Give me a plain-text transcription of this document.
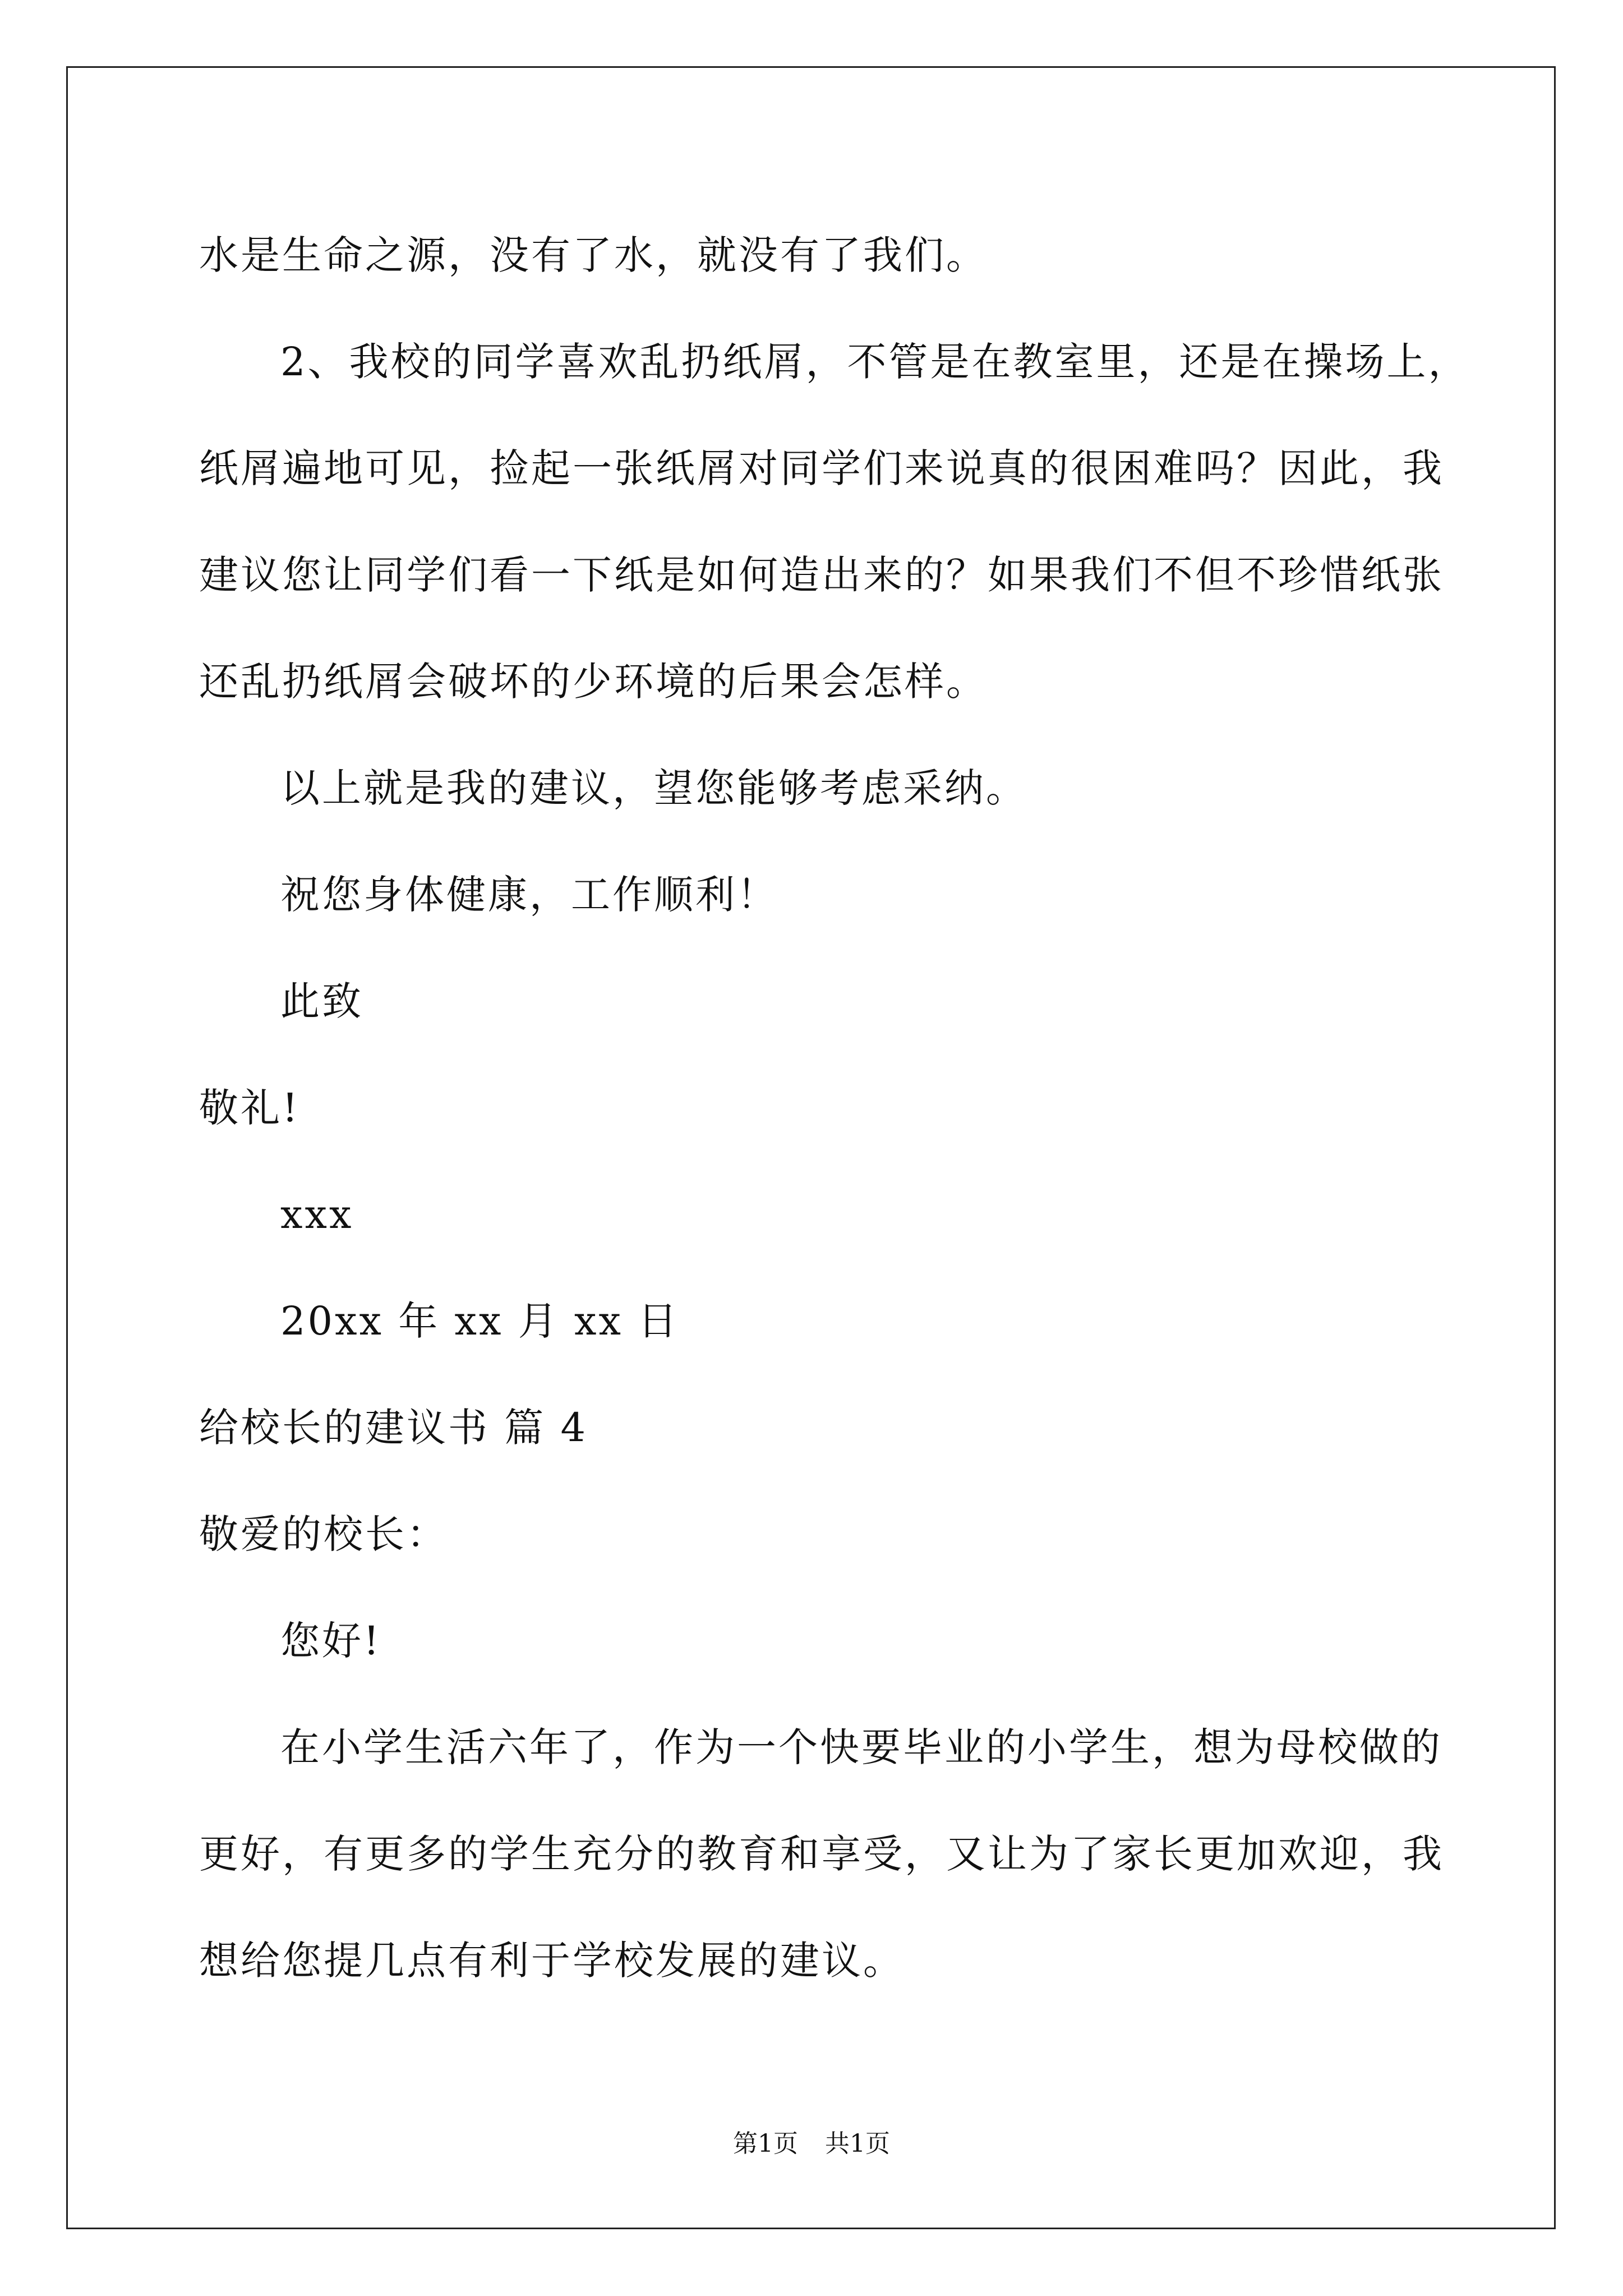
水是生命之源，没有了水，就没有了我们。
2、我校的同学喜欢乱扔纸屑，不管是在教室里，还是在操场上，
纸屑遍地可见，捡起一张纸屑对同学们来说真的很困难吗？因此，我
建议您让同学们看一下纸是如何造出来的？如果我们不但不珍惜纸张
还乱扔纸屑会破坏的少环境的后果会怎样。
以上就是我的建议，望您能够考虑采纳。
祝您身体健康，工作顺利！
此致
敬礼!
xxx
20xx 年 xx 月 xx 日
给校长的建议书 篇 4
敬爱的校长：
您好!
在小学生活六年了，作为一个快要毕业的小学生，想为母校做的
更好，有更多的学生充分的教育和享受，又让为了家长更加欢迎，我
想给您提几点有利于学校发展的建议。
第1页 共1页
